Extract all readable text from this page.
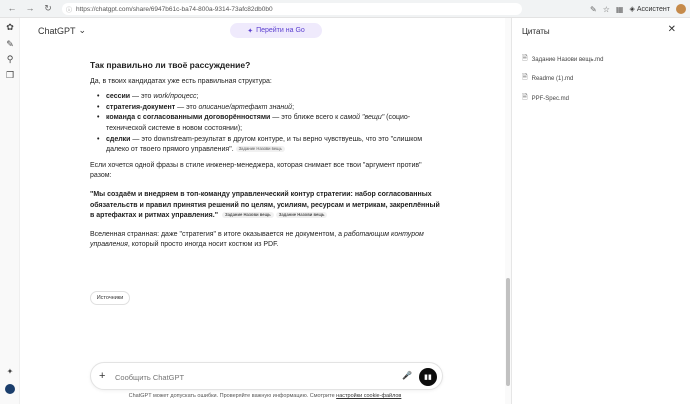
← → ↻	ⓘ https://chatgpt.com/share/6947b61c-ba74-800a-9314-73afc82db0b0	✎ ☆ ▦ ◈ Ассистент
✿
✎
⚲
❒
✦
ChatGPT ⌄	✦ Перейти на Go
Так правильно ли твоё рассуждение?

Да, в твоих кандидатах уже есть правильная структура:

• сессии — это work/процесс;
• стратегия-документ — это описание/артефакт знаний;
• команда с согласованными договорённостями — это ближе всего к самой "вещи" (социо-технической системе в новом состоянии);
• сделки — это downstream-результат в другом контуре, и ты верно чувствуешь, что это "слишком далеко от твоего прямого управления". Задание Назови вещь

Если хочется одной фразы в стиле инженер-менеджера, которая снимает все твои "аргумент против" разом:

"Мы создаём и внедряем в топ-команду управленческий контур стратегии: набор согласованных обязательств и правил принятия решений по целям, усилиям, ресурсам и метрикам, закреплённый в артефактах и ритмах управления." Задание Назови вещь Задание Назови вещь

Вселенная странная: даже "стратегия" в итоге оказывается не документом, а работающим контуром управления, который просто иногда носит костюм из PDF.

Источники
+
Сообщить ChatGPT	🎤	▮▮
ChatGPT может допускать ошибки. Проверяйте важную информацию. Смотрите настройки cookie-файлов
Цитаты	✕
🗎 Задание Назови вещь.md
🗎 Readme (1).md
🗎 PPF-Spec.md
